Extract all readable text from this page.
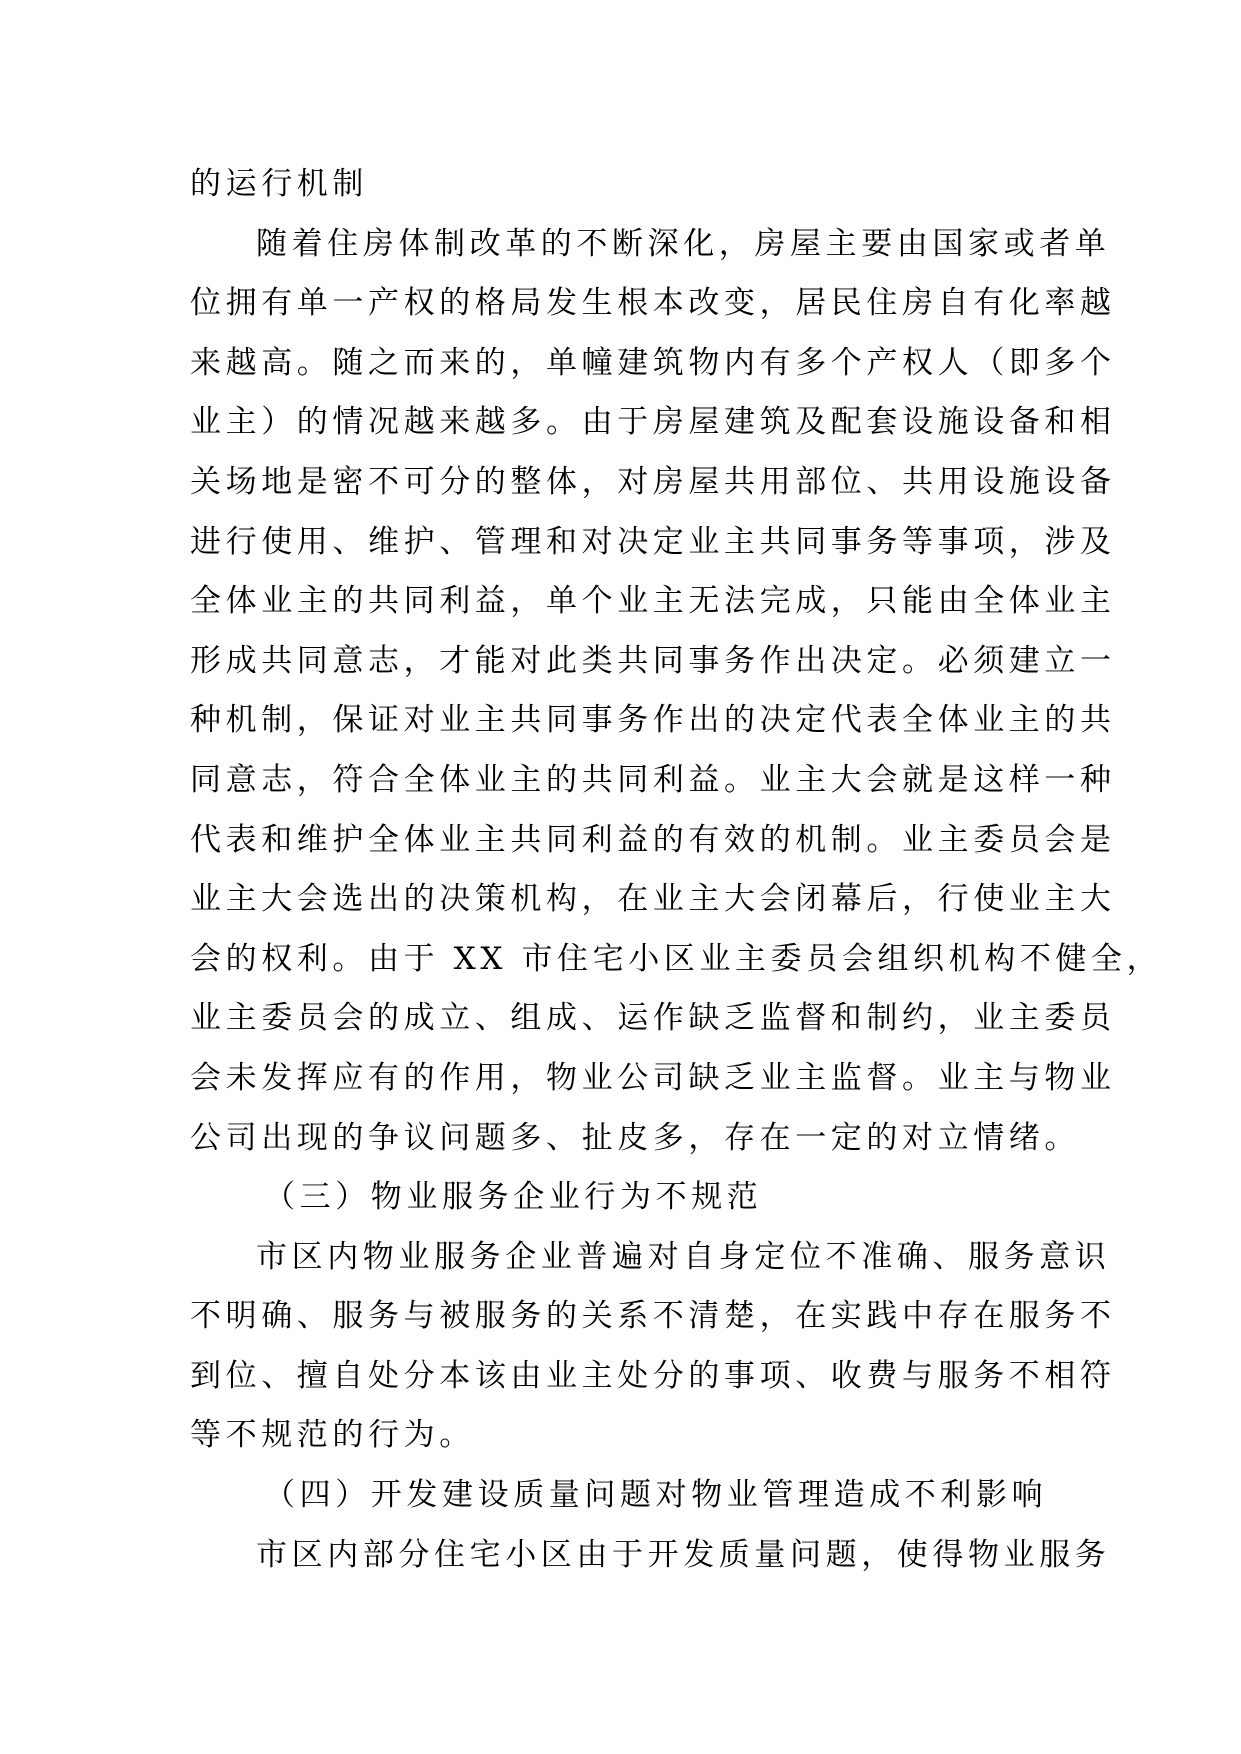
的运行机制
随着住房体制改革的不断深化，房屋主要由国家或者单
位拥有单一产权的格局发生根本改变，居民住房自有化率越
来越高。随之而来的，单幢建筑物内有多个产权人（即多个
业主）的情况越来越多。由于房屋建筑及配套设施设备和相
关场地是密不可分的整体，对房屋共用部位、共用设施设备
进行使用、维护、管理和对决定业主共同事务等事项，涉及
全体业主的共同利益，单个业主无法完成，只能由全体业主
形成共同意志，才能对此类共同事务作出决定。必须建立一
种机制，保证对业主共同事务作出的决定代表全体业主的共
同意志，符合全体业主的共同利益。业主大会就是这样一种
代表和维护全体业主共同利益的有效的机制。业主委员会是
业主大会选出的决策机构，在业主大会闭幕后，行使业主大
会的权利。由于 XX 市住宅小区业主委员会组织机构不健全，
业主委员会的成立、组成、运作缺乏监督和制约，业主委员
会未发挥应有的作用，物业公司缺乏业主监督。业主与物业
公司出现的争议问题多、扯皮多，存在一定的对立情绪。
（三）物业服务企业行为不规范
市区内物业服务企业普遍对自身定位不准确、服务意识
不明确、服务与被服务的关系不清楚，在实践中存在服务不
到位、擅自处分本该由业主处分的事项、收费与服务不相符
等不规范的行为。
（四）开发建设质量问题对物业管理造成不利影响
市区内部分住宅小区由于开发质量问题，使得物业服务
